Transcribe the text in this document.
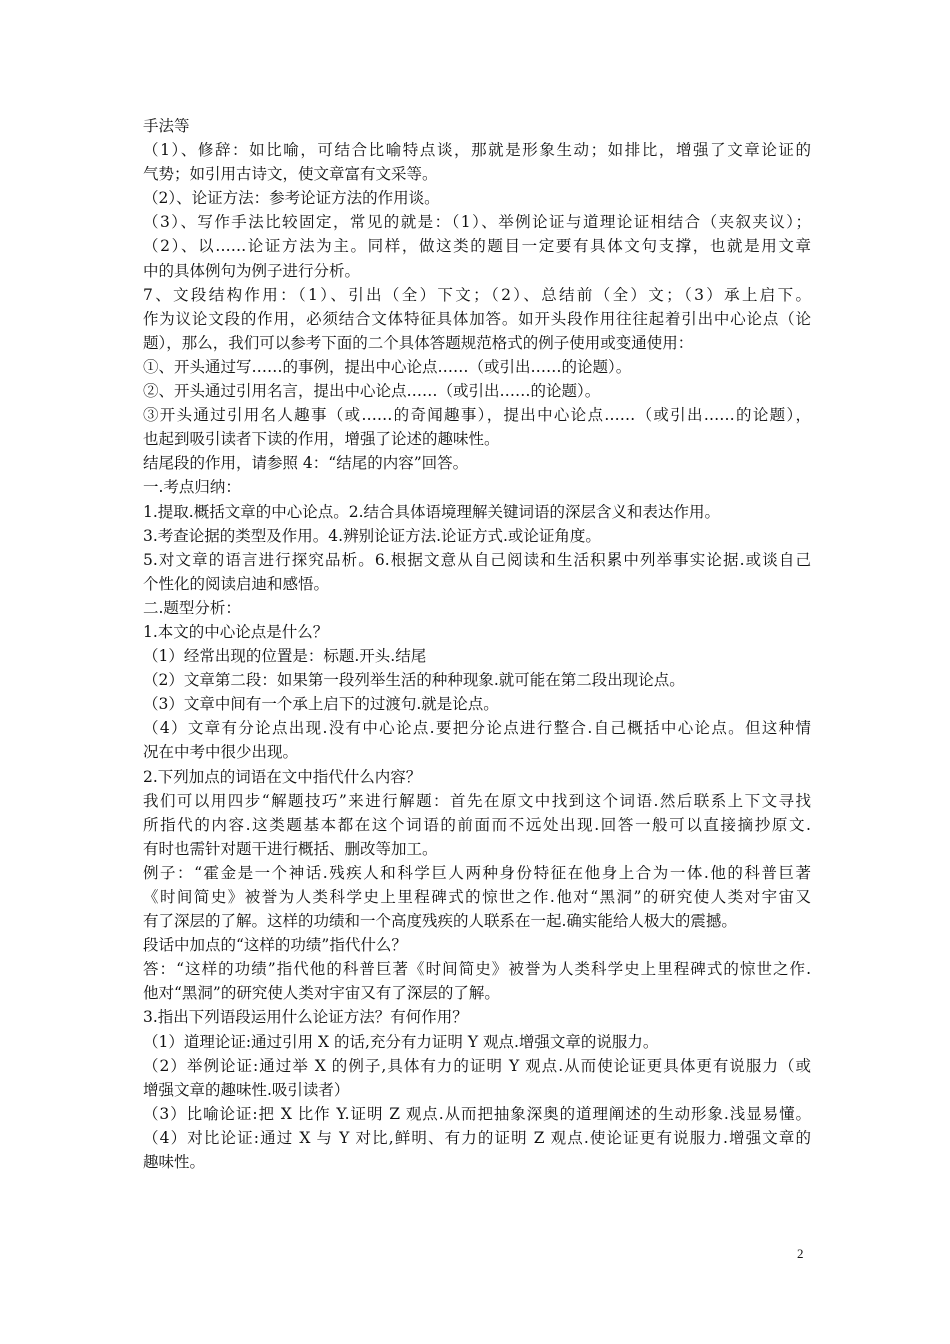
手法等
（1）、修辞：如比喻，可结合比喻特点谈，那就是形象生动；如排比，增强了文章论证的
气势；如引用古诗文，使文章富有文采等。
（2）、论证方法：参考论证方法的作用谈。
（3）、写作手法比较固定，常见的就是：（1）、举例论证与道理论证相结合（夹叙夹议）；
（2）、以……论证方法为主。同样，做这类的题目一定要有具体文句支撑，也就是用文章
中的具体例句为例子进行分析。
7、文段结构作用：（1）、引出（全）下文；（2）、总结前（全）文；（3）承上启下。
作为议论文段的作用，必须结合文体特征具体加答。如开头段作用往往起着引出中心论点（论
题），那么，我们可以参考下面的二个具体答题规范格式的例子使用或变通使用：
①、开头通过写……的事例，提出中心论点……（或引出……的论题）。
②、开头通过引用名言，提出中心论点……（或引出……的论题）。
③开头通过引用名人趣事（或……的奇闻趣事），提出中心论点……（或引出……的论题），
也起到吸引读者下读的作用，增强了论述的趣味性。
结尾段的作用，请参照 4：“结尾的内容”回答。
一.考点归纳：
1.提取.概括文章的中心论点。2.结合具体语境理解关键词语的深层含义和表达作用。
3.考查论据的类型及作用。4.辨别论证方法.论证方式.或论证角度。
5.对文章的语言进行探究品析。6.根据文意从自己阅读和生活积累中列举事实论据.或谈自己
个性化的阅读启迪和感悟。
二.题型分析：
1.本文的中心论点是什么？
（1）经常出现的位置是：标题.开头.结尾
（2）文章第二段：如果第一段列举生活的种种现象.就可能在第二段出现论点。
（3）文章中间有一个承上启下的过渡句.就是论点。
（4）文章有分论点出现.没有中心论点.要把分论点进行整合.自己概括中心论点。但这种情
况在中考中很少出现。
2.下列加点的词语在文中指代什么内容？
我们可以用四步“解题技巧”来进行解题：首先在原文中找到这个词语.然后联系上下文寻找
所指代的内容.这类题基本都在这个词语的前面而不远处出现.回答一般可以直接摘抄原文.
有时也需针对题干进行概括、删改等加工。
例子：“霍金是一个神话.残疾人和科学巨人两种身份特征在他身上合为一体.他的科普巨著
《时间简史》被誉为人类科学史上里程碑式的惊世之作.他对“黑洞”的研究使人类对宇宙又
有了深层的了解。这样的功绩和一个高度残疾的人联系在一起.确实能给人极大的震撼。
段话中加点的“这样的功绩”指代什么？
答：“这样的功绩”指代他的科普巨著《时间简史》被誉为人类科学史上里程碑式的惊世之作.
他对“黑洞”的研究使人类对宇宙又有了深层的了解。
3.指出下列语段运用什么论证方法？有何作用？
（1）道理论证:通过引用 X 的话,充分有力证明 Y 观点.增强文章的说服力。
（2）举例论证:通过举 X 的例子,具体有力的证明 Y 观点.从而使论证更具体更有说服力（或
增强文章的趣味性.吸引读者）
（3）比喻论证:把 X 比作 Y.证明 Z 观点.从而把抽象深奥的道理阐述的生动形象.浅显易懂。
（4）对比论证:通过 X 与 Y 对比,鲜明、有力的证明 Z 观点.使论证更有说服力.增强文章的
趣味性。
2
